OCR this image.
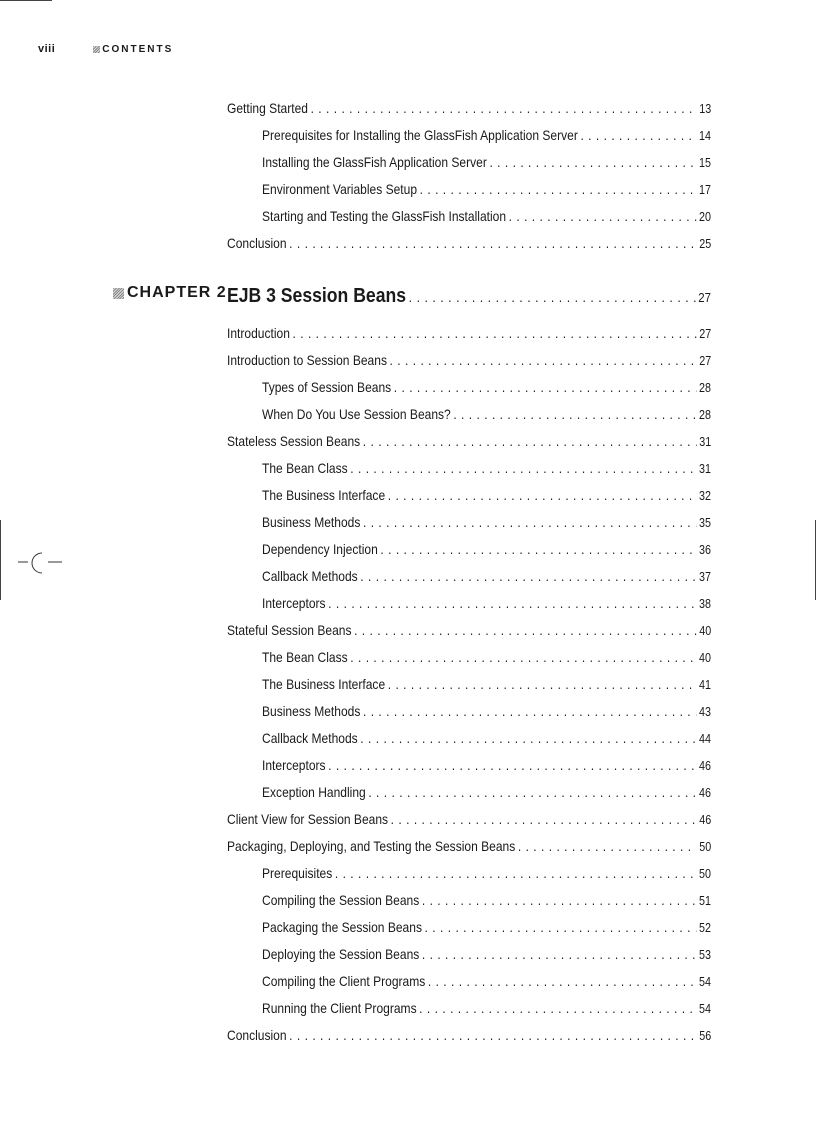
viii	CONTENTS
Getting Started . . .	13
Prerequisites for Installing the GlassFish Application Server . . .	14
Installing the GlassFish Application Server . . .	15
Environment Variables Setup . . .	17
Starting and Testing the GlassFish Installation . . .	20
Conclusion . . .	25
CHAPTER 2 EJB 3 Session Beans . . .	27
Introduction . . .	27
Introduction to Session Beans . . .	27
Types of Session Beans . . .	28
When Do You Use Session Beans? . . .	28
Stateless Session Beans . . .	31
The Bean Class . . .	31
The Business Interface . . .	32
Business Methods . . .	35
Dependency Injection . . .	36
Callback Methods . . .	37
Interceptors . . .	38
Stateful Session Beans . . .	40
The Bean Class . . .	40
The Business Interface . . .	41
Business Methods . . .	43
Callback Methods . . .	44
Interceptors . . .	46
Exception Handling . . .	46
Client View for Session Beans . . .	46
Packaging, Deploying, and Testing the Session Beans . . .	50
Prerequisites . . .	50
Compiling the Session Beans . . .	51
Packaging the Session Beans . . .	52
Deploying the Session Beans . . .	53
Compiling the Client Programs . . .	54
Running the Client Programs . . .	54
Conclusion . . .	56
